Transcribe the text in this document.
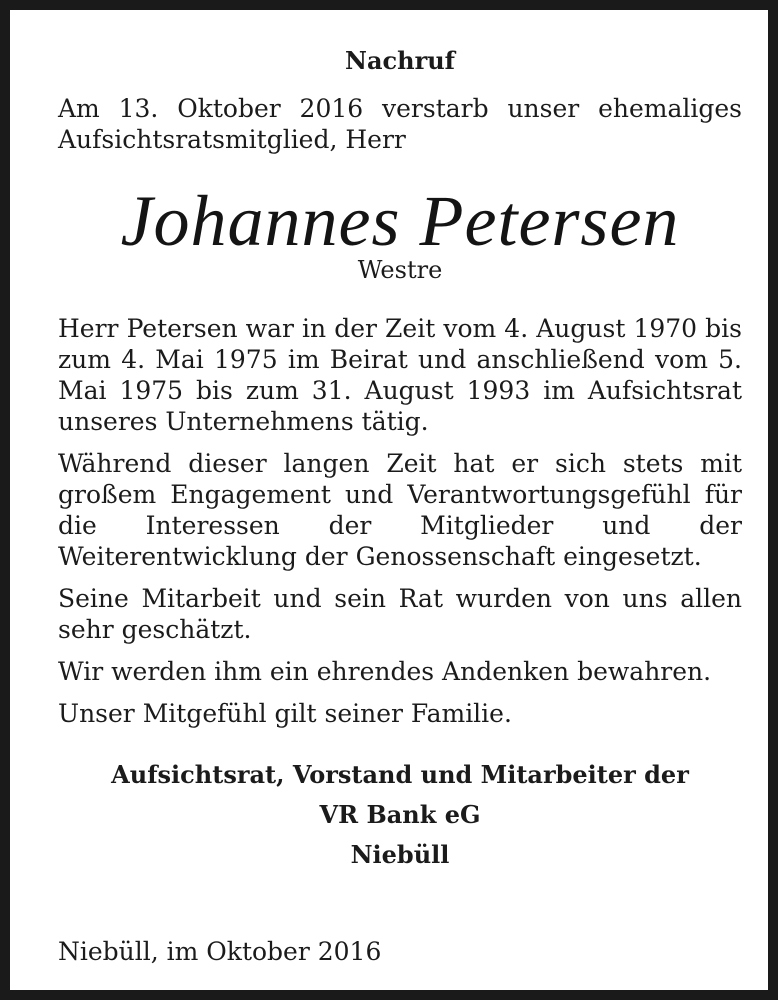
Nachruf

Am 13. Oktober 2016 verstarb unser ehemaliges Aufsichtsratsmitglied, Herr

Johannes Petersen
Westre

Herr Petersen war in der Zeit vom 4. August 1970 bis zum 4. Mai 1975 im Beirat und anschließend vom 5. Mai 1975 bis zum 31. August 1993 im Aufsichtsrat unseres Unternehmens tätig.

Während dieser langen Zeit hat er sich stets mit großem Engagement und Verantwortungsgefühl für die Interessen der Mitglieder und der Weiterentwicklung der Genossenschaft eingesetzt.

Seine Mitarbeit und sein Rat wurden von uns allen sehr geschätzt.

Wir werden ihm ein ehrendes Andenken bewahren.

Unser Mitgefühl gilt seiner Familie.

Aufsichtsrat, Vorstand und Mitarbeiter der
VR Bank eG
Niebüll
Niebüll, im Oktober 2016
